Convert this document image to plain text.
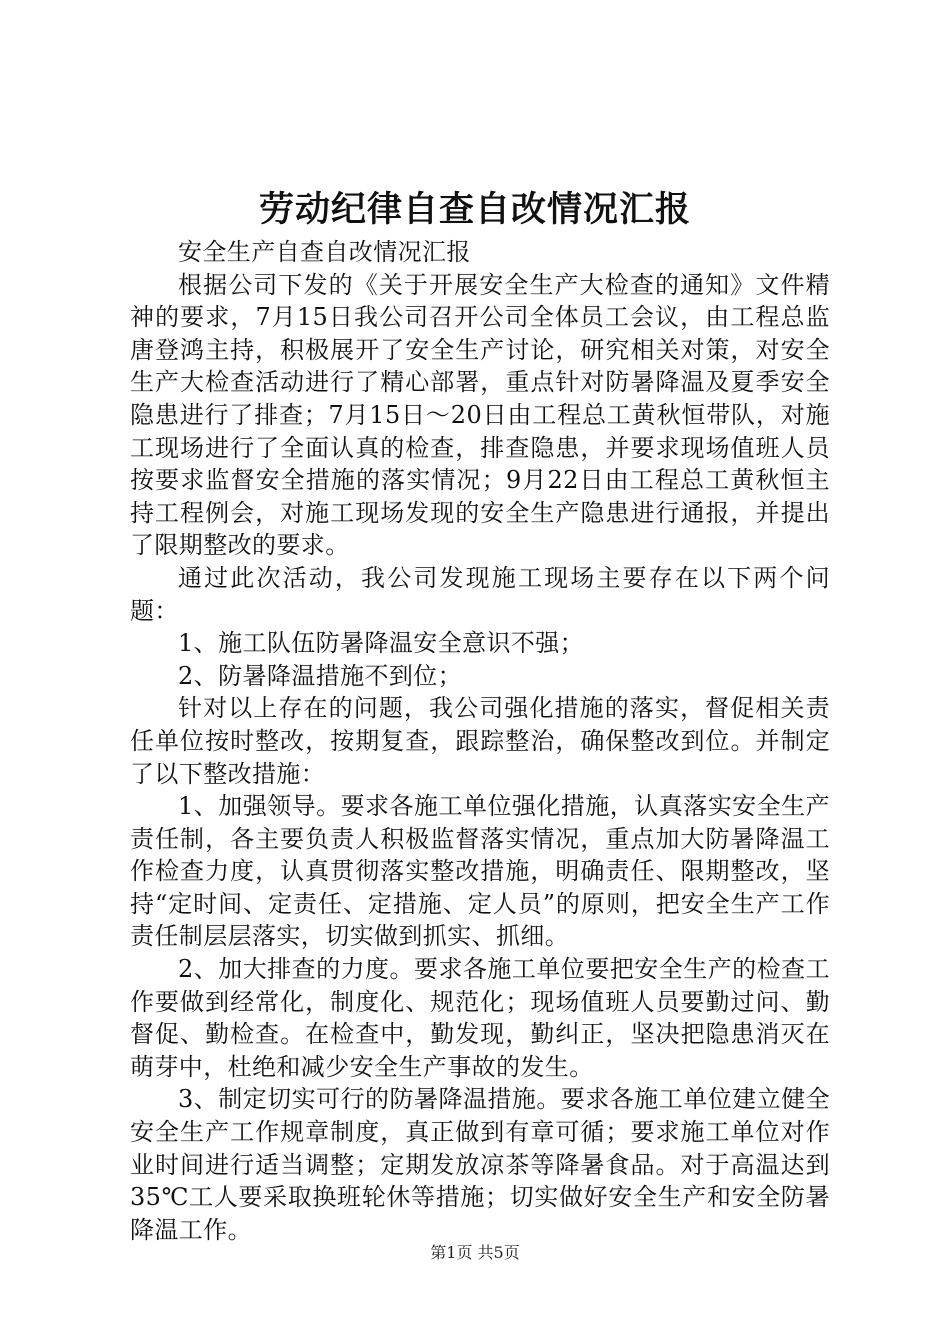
劳动纪律自查自改情况汇报

安全生产自查自改情况汇报

根据公司下发的《关于开展安全生产大检查的通知》文件精神的要求，7月15日我公司召开公司全体员工会议，由工程总监唐登鸿主持，积极展开了安全生产讨论，研究相关对策，对安全生产大检查活动进行了精心部署，重点针对防暑降温及夏季安全隐患进行了排查；7月15日～20日由工程总工黄秋恒带队，对施工现场进行了全面认真的检查，排查隐患，并要求现场值班人员按要求监督安全措施的落实情况；9月22日由工程总工黄秋恒主持工程例会，对施工现场发现的安全生产隐患进行通报，并提出了限期整改的要求。

通过此次活动，我公司发现施工现场主要存在以下两个问题：

1、施工队伍防暑降温安全意识不强；

2、防暑降温措施不到位；

针对以上存在的问题，我公司强化措施的落实，督促相关责任单位按时整改，按期复查，跟踪整治，确保整改到位。并制定了以下整改措施：

1、加强领导。要求各施工单位强化措施，认真落实安全生产责任制，各主要负责人积极监督落实情况，重点加大防暑降温工作检查力度，认真贯彻落实整改措施，明确责任、限期整改，坚持“定时间、定责任、定措施、定人员”的原则，把安全生产工作责任制层层落实，切实做到抓实、抓细。

2、加大排查的力度。要求各施工单位要把安全生产的检查工作要做到经常化，制度化、规范化；现场值班人员要勤过问、勤督促、勤检查。在检查中，勤发现，勤纠正，坚决把隐患消灭在萌芽中，杜绝和减少安全生产事故的发生。

3、制定切实可行的防暑降温措施。要求各施工单位建立健全安全生产工作规章制度，真正做到有章可循；要求施工单位对作业时间进行适当调整；定期发放凉茶等降暑食品。对于高温达到35℃工人要采取换班轮休等措施；切实做好安全生产和安全防暑降温工作。

第1页 共5页
